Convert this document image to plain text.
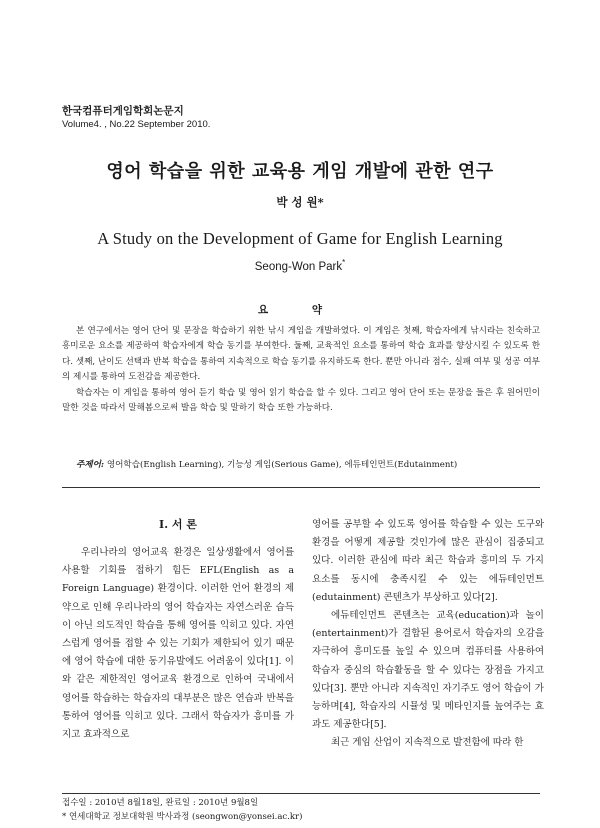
한국컴퓨터게임학회논문지
Volume4. , No.22 September 2010.
영어 학습을 위한 교육용 게임 개발에 관한 연구
박 성 원*
A Study on the Development of Game for English Learning
Seong-Won Park*
요 약

본 연구에서는 영어 단어 및 문장을 학습하기 위한 낚시 게임을 개발하였다. 이 게임은 첫째, 학습자에게 낚시라는 친숙하고 흥미로운 요소를 제공하여 학습자에게 학습 동기를 부여한다. 둘째, 교육적인 요소를 통하여 학습 효과를 향상시킬 수 있도록 한다. 셋째, 난이도 선택과 반복 학습을 통하여 지속적으로 학습 동기를 유지하도록 한다. 뿐만 아니라 점수, 실패 여부 및 성공 여부의 제시를 통하여 도전감을 제공한다.

학습자는 이 게임을 통하여 영어 듣기 학습 및 영어 읽기 학습을 할 수 있다. 그리고 영어 단어 또는 문장을 들은 후 원어민이 말한 것을 따라서 말해봄으로써 발음 학습 및 말하기 학습 또한 가능하다.

주제어: 영어학습(English Learning), 기능성 게임(Serious Game), 에듀테인먼트(Edutainment)
Ⅰ. 서 론

우리나라의 영어교육 환경은 일상생활에서 영어를 사용할 기회를 접하기 힘든 EFL(English as a Foreign Language) 환경이다. 이러한 언어 환경의 제약으로 인해 우리나라의 영어 학습자는 자연스러운 습득이 아닌 의도적인 학습을 통해 영어를 익히고 있다. 자연스럽게 영어를 접할 수 있는 기회가 제한되어 있기 때문에 영어 학습에 대한 동기유발에도 어려움이 있다[1]. 이와 같은 제한적인 영어교육 환경으로 인하여 국내에서 영어를 학습하는 학습자의 대부분은 많은 연습과 반복을 통하여 영어를 익히고 있다. 그래서 학습자가 흥미를 가지고 효과적으로

영어를 공부할 수 있도록 영어를 학습할 수 있는 도구와 환경을 어떻게 제공할 것인가에 많은 관심이 집중되고 있다. 이러한 관심에 따라 최근 학습과 흥미의 두 가지 요소를 동시에 충족시킬 수 있는 에듀테인먼트(edutainment) 콘텐츠가 부상하고 있다[2].

에듀테인먼트 콘텐츠는 교육(education)과 놀이(entertainment)가 결합된 용어로서 학습자의 오감을 자극하여 흥미도를 높일 수 있으며 컴퓨터를 사용하여 학습자 중심의 학습활동을 할 수 있다는 장점을 가지고 있다[3]. 뿐만 아니라 지속적인 자기주도 영어 학습이 가능하며[4], 학습자의 시뮬성 및 메타인지를 높여주는 효과도 제공한다[5].

최근 게임 산업이 지속적으로 발전함에 따라 한

접수일 : 2010년 8월18일, 완료일 : 2010년 9월8일
* 연세대학교 정보대학원 박사과정 (seongwon@yonsei.ac.kr)
